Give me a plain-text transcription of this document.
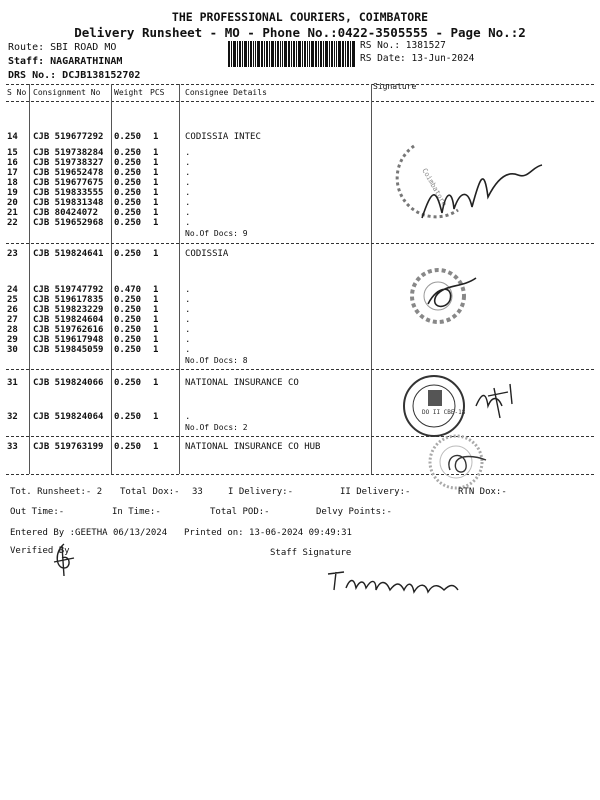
THE PROFESSIONAL COURIERS, COIMBATORE
Delivery Runsheet - MO - Phone No.:0422-3505555 - Page No.:2
Route: SBI ROAD MO
Staff: NAGARATHINAM
DRS No.: DCJB138152702
RS No.: 1381527
RS Date: 13-Jun-2024
S No Consignment No Weight PCS	Consignee Details
Signature
14 CJB 519677292 0.250 1	CODISSIA INTEC
15 CJB 519738284 0.250 1	.
16 CJB 519738327 0.250 1	.
17 CJB 519652478 0.250 1	.
18 CJB 519677675 0.250 1	.
19 CJB 519833555 0.250 1	.
20 CJB 519831348 0.250 1	.
21 CJB 80424072 0.250 1	.
22 CJB 519652968 0.250 1	.
No.Of Docs: 9
23 CJB 519824641 0.250 1	CODISSIA
24 CJB 519747792 0.470 1	.
25 CJB 519617835 0.250 1	.
26 CJB 519823229 0.250 1	.
27 CJB 519824604 0.250 1	.
28 CJB 519762616 0.250 1	.
29 CJB 519617948 0.250 1	.
30 CJB 519845059 0.250 1	.
No.Of Docs: 8
31 CJB 519824066 0.250 1	NATIONAL INSURANCE CO
32 CJB 519824064 0.250 1	.
No.Of Docs: 2
33 CJB 519763199 0.250 1	NATIONAL INSURANCE CO HUB
Coimbatore
DO II CBE-18
Tot. Runsheet:- 2 Total Dox:- 33	I Delivery:-	II Delivery:-	RTN Dox:-
Out Time:-	In Time:-	Total POD:-	Delvy Points:-
Entered By :GEETHA 06/13/2024 Printed on: 13-06-2024 09:49:31
Verified By	Staff Signature
